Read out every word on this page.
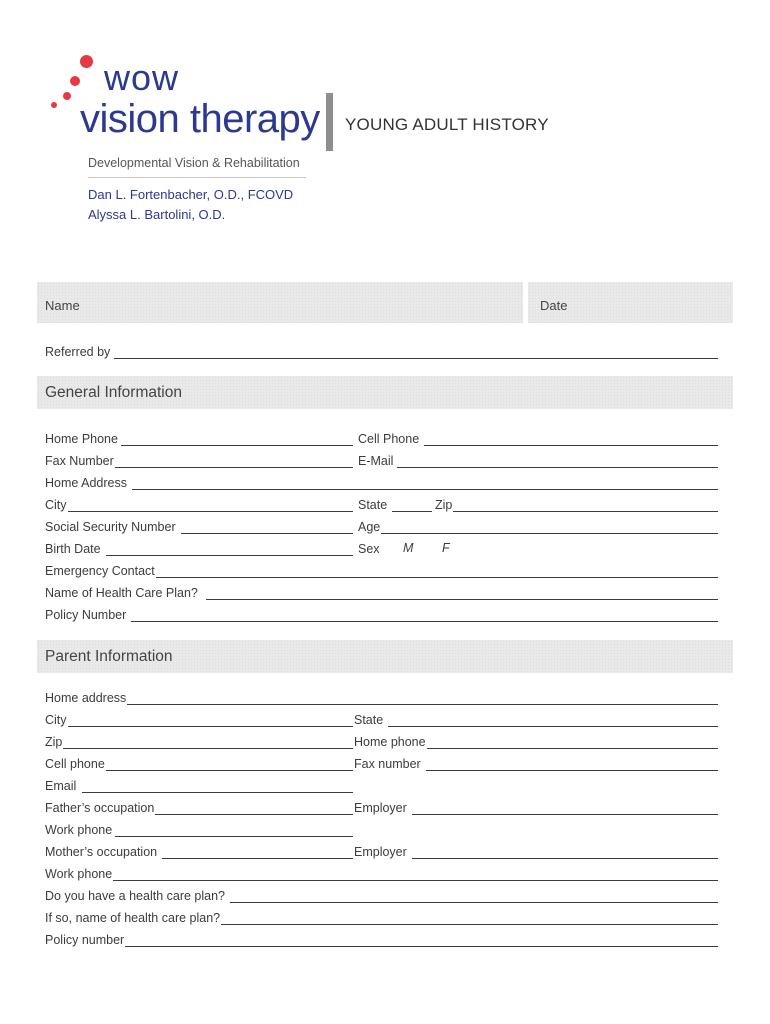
wow
vision therapy YOUNG ADULT HISTORY
Developmental Vision & Rehabilitation
Dan L. Fortenbacher, O.D., FCOVD
Alyssa L. Bartolini, O.D.
Name	Date
Referred by
General Information
Home Phone	Cell Phone
Fax Number	E-Mail
Home Address
City	State	Zip
Social Security Number	Age
Birth Date	Sex M F
Emergency Contact
Name of Health Care Plan?
Policy Number
Parent Information
Home address
City	State
Zip	Home phone
Cell phone	Fax number
Email
Father’s occupation	Employer
Work phone
Mother’s occupation	Employer
Work phone
Do you have a health care plan?
If so, name of health care plan?
Policy number
